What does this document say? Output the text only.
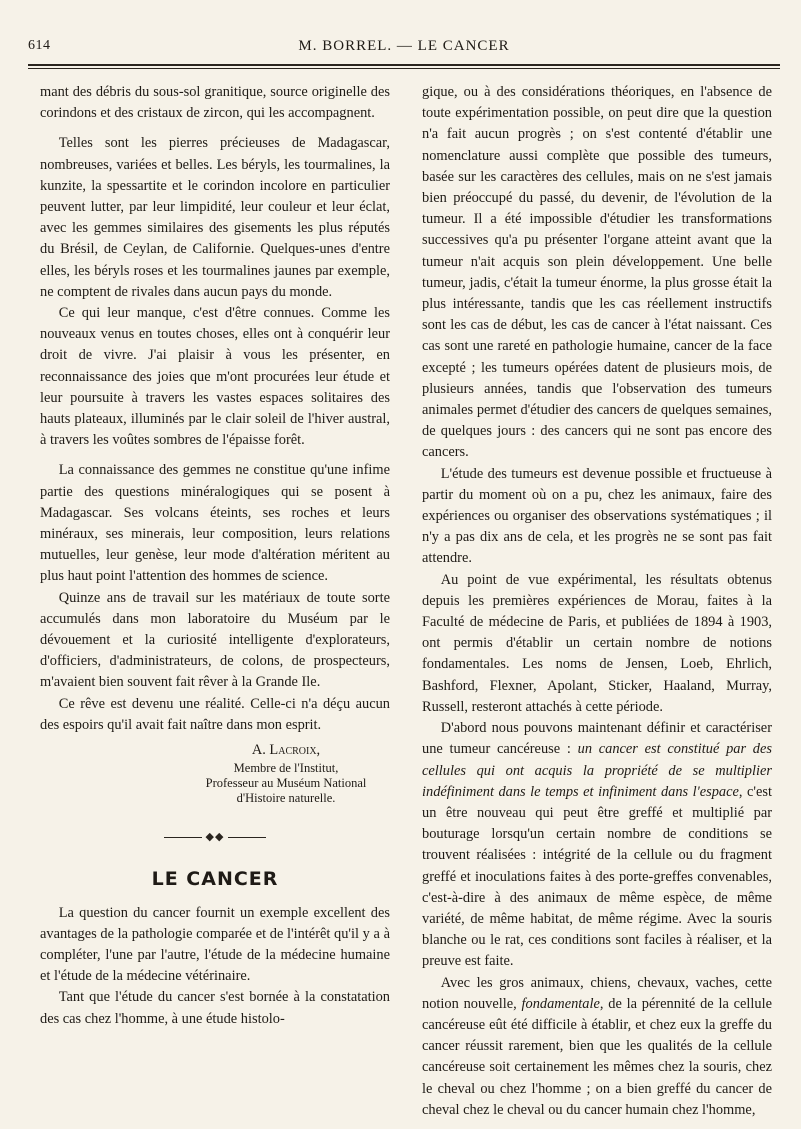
614	M. BORREL. — LE CANCER

mant des débris du sous-sol granitique, source originelle des corindons et des cristaux de zircon, qui les accompagnent.

Telles sont les pierres précieuses de Madagascar, nombreuses, variées et belles. Les béryls, les tourmalines, la kunzite, la spessartite et le corindon incolore en particulier peuvent lutter, par leur limpidité, leur couleur et leur éclat, avec les gemmes similaires des gisements les plus réputés du Brésil, de Ceylan, de Californie. Quelques-unes d'entre elles, les béryls roses et les tourmalines jaunes par exemple, ne comptent de rivales dans aucun pays du monde.

Ce qui leur manque, c'est d'être connues. Comme les nouveaux venus en toutes choses, elles ont à conquérir leur droit de vivre. J'ai plaisir à vous les présenter, en reconnaissance des joies que m'ont procurées leur étude et leur poursuite à travers les vastes espaces solitaires des hauts plateaux, illuminés par le clair soleil de l'hiver austral, à travers les voûtes sombres de l'épaisse forêt.

La connaissance des gemmes ne constitue qu'une infime partie des questions minéralogiques qui se posent à Madagascar. Ses volcans éteints, ses roches et leurs minéraux, ses minerais, leur composition, leurs relations mutuelles, leur genèse, leur mode d'altération méritent au plus haut point l'attention des hommes de science.

Quinze ans de travail sur les matériaux de toute sorte accumulés dans mon laboratoire du Muséum par le dévouement et la curiosité intelligente d'explorateurs, d'officiers, d'administrateurs, de colons, de prospecteurs, m'avaient bien souvent fait rêver à la Grande Ile.

Ce rêve est devenu une réalité. Celle-ci n'a déçu aucun des espoirs qu'il avait fait naître dans mon esprit.

A. Lacroix,
Membre de l'Institut,
Professeur au Muséum National
d'Histoire naturelle.
◆◆
LE CANCER

La question du cancer fournit un exemple excellent des avantages de la pathologie comparée et de l'intérêt qu'il y a à compléter, l'une par l'autre, l'étude de la médecine humaine et l'étude de la médecine vétérinaire.

Tant que l'étude du cancer s'est bornée à la constatation des cas chez l'homme, à une étude histolo-

gique, ou à des considérations théoriques, en l'absence de toute expérimentation possible, on peut dire que la question n'a fait aucun progrès ; on s'est contenté d'établir une nomenclature aussi complète que possible des tumeurs, basée sur les caractères des cellules, mais on ne s'est jamais bien préoccupé du passé, du devenir, de l'évolution de la tumeur. Il a été impossible d'étudier les transformations successives qu'a pu présenter l'organe atteint avant que la tumeur n'ait acquis son plein développement. Une belle tumeur, jadis, c'était la tumeur énorme, la plus grosse était la plus intéressante, tandis que les cas réellement instructifs sont les cas de début, les cas de cancer à l'état naissant. Ces cas sont une rareté en pathologie humaine, cancer de la face excepté ; les tumeurs opérées datent de plusieurs mois, de plusieurs années, tandis que l'observation des tumeurs animales permet d'étudier des cancers de quelques semaines, de quelques jours : des cancers qui ne sont pas encore des cancers.

L'étude des tumeurs est devenue possible et fructueuse à partir du moment où on a pu, chez les animaux, faire des expériences ou organiser des observations systématiques ; il n'y a pas dix ans de cela, et les progrès ne se sont pas fait attendre.

Au point de vue expérimental, les résultats obtenus depuis les premières expériences de Morau, faites à la Faculté de médecine de Paris, et publiées de 1894 à 1903, ont permis d'établir un certain nombre de notions fondamentales. Les noms de Jensen, Loeb, Ehrlich, Bashford, Flexner, Apolant, Sticker, Haaland, Murray, Russell, resteront attachés à cette période.

D'abord nous pouvons maintenant définir et caractériser une tumeur cancéreuse : un cancer est constitué par des cellules qui ont acquis la propriété de se multiplier indéfiniment dans le temps et infiniment dans l'espace, c'est un être nouveau qui peut être greffé et multiplié par bouturage lorsqu'un certain nombre de conditions se trouvent réalisées : intégrité de la cellule ou du fragment greffé et inoculations faites à des porte-greffes convenables, c'est-à-dire à des animaux de même espèce, de même variété, de même habitat, de même régime. Avec la souris blanche ou le rat, ces conditions sont faciles à réaliser, et la preuve est faite.

Avec les gros animaux, chiens, chevaux, vaches, cette notion nouvelle, fondamentale, de la pérennité de la cellule cancéreuse eût été difficile à établir, et chez eux la greffe du cancer réussit rarement, bien que les qualités de la cellule cancéreuse soit certainement les mêmes chez la souris, chez le cheval ou chez l'homme ; on a bien greffé du cancer de cheval chez le cheval ou du cancer humain chez l'homme,
